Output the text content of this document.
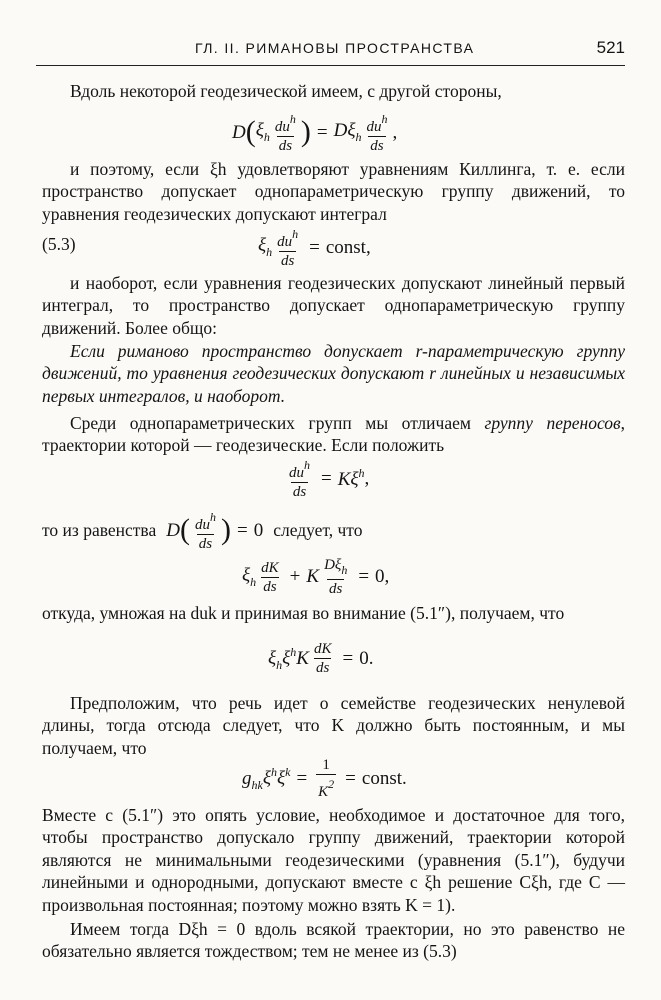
ГЛ. II. РИМАНОВЫ ПРОСТРАНСТВА	521

Вдоль некоторой геодезической имеем, с другой стороны,

D ( $\xi_h \frac{du^h}{ds}$ ) = $D\xi_h \frac{du^h}{ds}$ ,

и поэтому, если ξh удовлетворяют уравнениям Киллинга, т. е. если пространство допускает однопараметрическую группу движений, то уравнения геодезических допускают интеграл

(5.3)	$\xi_h \frac{du^h}{ds}$ = const ,

и наоборот, если уравнения геодезических допускают линейный первый интеграл, то пространство допускает однопараметрическую группу движений. Более общо:

Если риманово пространство допускает r-параметрическую группу движений, то уравнения геодезических допускают r линейных и независимых первых интегралов, и наоборот.

Среди однопараметрических групп мы отличаем группу переносов, траектории которой — геодезические. Если положить

$\frac{du^h}{ds} = K\xi^h$ ,
то из равенства D ( $\frac{du^h}{ds}$ ) = 0 следует, что
$\xi_h \frac{dK}{ds} + K \frac{D\xi_h}{ds} = 0$ ,

откуда, умножая на duk и принимая во внимание (5.1″), получаем, что

$\xi_h\xi^hK \frac{dK}{ds} = 0$ .

Предположим, что речь идет о семействе геодезических ненулевой длины, тогда отсюда следует, что K должно быть постоянным, и мы получаем, что

$g_{hk}\xi^h\xi^k = \frac{1}{K^2}$ = const .

Вместе с (5.1″) это опять условие, необходимое и достаточное для того, чтобы пространство допускало группу движений, траектории которой являются не минимальными геодезическими (уравнения (5.1″), будучи линейными и однородными, допускают вместе с ξh решение Cξh, где C — произвольная постоянная; поэтому можно взять K = 1).

Имеем тогда Dξh = 0 вдоль всякой траектории, но это равенство не обязательно является тождеством; тем не менее из (5.3)
